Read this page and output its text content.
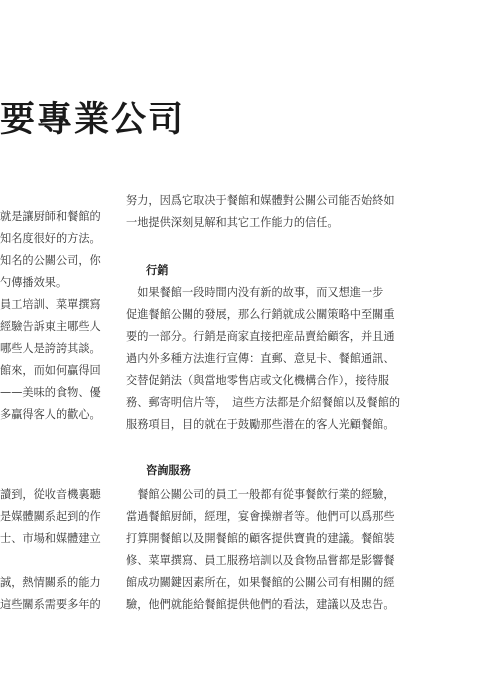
要專業公司
就是讓厨師和餐館的
知名度很好的方法。
知名的公關公司，你
勺傳播效果。
員工培訓、菜單撰寫
經驗告訴東主哪些人
哪些人是誇誇其談。
館來，而如何贏得回
——美味的食物、優
多贏得客人的歡心。
讀到，從收音機裏聽
是媒體關系起到的作
士、市場和媒體建立
誠，熱情關系的能力
這些關系需要多年的
努力，因爲它取决于餐館和媒體對公關公司能否始終如
一地提供深刻見解和其它工作能力的信任。
行銷
　如果餐館一段時間内没有新的故事，而又想進一步
促進餐館公關的發展，那么行銷就成公關策略中至關重
要的一部分。行銷是商家直接把産品賣給顧客，并且通
過内外多種方法進行宣傳：直郵、意見卡、餐館通訊、
交替促銷法（與當地零售店或文化機構合作），接待服
務、郵寄明信片等，　這些方法都是介紹餐館以及餐館的
服務項目，目的就在于鼓勵那些潜在的客人光顧餐館。
咨詢服務
　餐館公關公司的員工一般都有從事餐飲行業的經驗，
當過餐館厨師，經理，宴會操辦者等。他們可以爲那些
打算開餐館以及開餐館的顧客提供寶貴的建議。餐館裝
修、菜單撰寫、員工服務培訓以及食物品嘗都是影響餐
館成功關鍵因素所在，如果餐館的公關公司有相關的經
驗，他們就能給餐館提供他們的看法，建議以及忠告。
